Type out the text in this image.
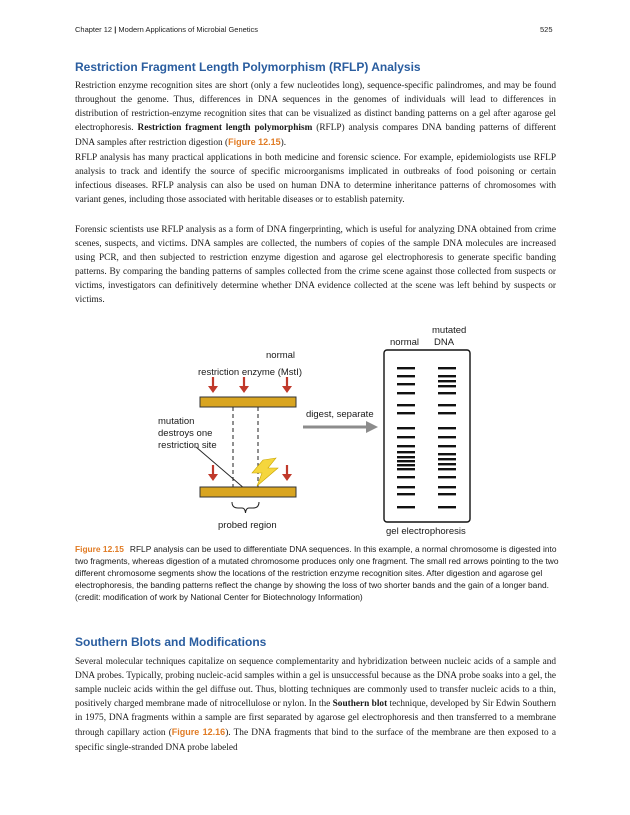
Chapter 12 | Modern Applications of Microbial Genetics	525
Restriction Fragment Length Polymorphism (RFLP) Analysis

Restriction enzyme recognition sites are short (only a few nucleotides long), sequence-specific palindromes, and may be found throughout the genome. Thus, differences in DNA sequences in the genomes of individuals will lead to differences in distribution of restriction-enzyme recognition sites that can be visualized as distinct banding patterns on a gel after agarose gel electrophoresis. Restriction fragment length polymorphism (RFLP) analysis compares DNA banding patterns of different DNA samples after restriction digestion (Figure 12.15).

RFLP analysis has many practical applications in both medicine and forensic science. For example, epidemiologists use RFLP analysis to track and identify the source of specific microorganisms implicated in outbreaks of food poisoning or certain infectious diseases. RFLP analysis can also be used on human DNA to determine inheritance patterns of chromosomes with variant genes, including those associated with heritable diseases or to establish paternity.

Forensic scientists use RFLP analysis as a form of DNA fingerprinting, which is useful for analyzing DNA obtained from crime scenes, suspects, and victims. DNA samples are collected, the numbers of copies of the sample DNA molecules are increased using PCR, and then subjected to restriction enzyme digestion and agarose gel electrophoresis to generate specific banding patterns. By comparing the banding patterns of samples collected from the crime scene against those collected from suspects or victims, investigators can definitively determine whether DNA evidence collected at the scene was left behind by suspects or victims.

normal
restriction enzyme (MstI)
mutation
destroys one
restriction site
probed region
digest, separate
normal
mutated
DNA
gel electrophoresis

Figure 12.15 RFLP analysis can be used to differentiate DNA sequences. In this example, a normal chromosome is digested into two fragments, whereas digestion of a mutated chromosome produces only one fragment. The small red arrows pointing to the two different chromosome segments show the locations of the restriction enzyme recognition sites. After digestion and agarose gel electrophoresis, the banding patterns reflect the change by showing the loss of two shorter bands and the gain of a longer band. (credit: modification of work by National Center for Biotechnology Information)

Southern Blots and Modifications

Several molecular techniques capitalize on sequence complementarity and hybridization between nucleic acids of a sample and DNA probes. Typically, probing nucleic-acid samples within a gel is unsuccessful because as the DNA probe soaks into a gel, the sample nucleic acids within the gel diffuse out. Thus, blotting techniques are commonly used to transfer nucleic acids to a thin, positively charged membrane made of nitrocellulose or nylon. In the Southern blot technique, developed by Sir Edwin Southern in 1975, DNA fragments within a sample are first separated by agarose gel electrophoresis and then transferred to a membrane through capillary action (Figure 12.16). The DNA fragments that bind to the surface of the membrane are then exposed to a specific single-stranded DNA probe labeled
